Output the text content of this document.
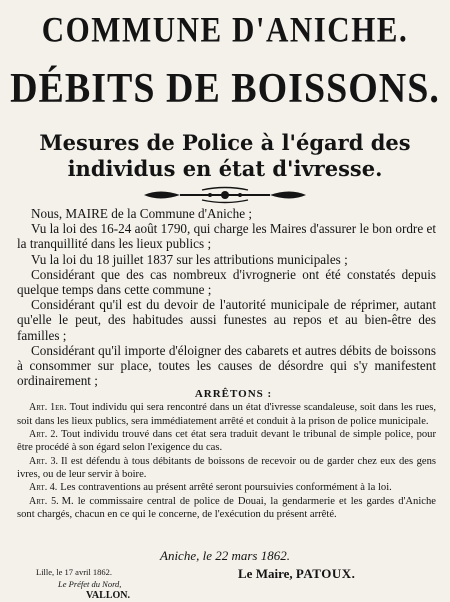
COMMUNE D'ANICHE.
DÉBITS DE BOISSONS.
Mesures de Police à l'égard des individus en état d'ivresse.

Nous, MAIRE de la Commune d'Aniche ;

Vu la loi des 16-24 août 1790, qui charge les Maires d'assurer le bon ordre et la tranquillité dans les lieux publics ;

Vu la loi du 18 juillet 1837 sur les attributions municipales ;

Considérant que des cas nombreux d'ivrognerie ont été constatés depuis quelque temps dans cette commune ;

Considérant qu'il est du devoir de l'autorité municipale de réprimer, autant qu'elle le peut, des habitudes aussi funestes au repos et au bien-être des familles ;

Considérant qu'il importe d'éloigner des cabarets et autres débits de boissons à consommer sur place, toutes les causes de désordre qui s'y manifestent ordinairement ;

ARRÊTONS :

Art. 1er. Tout individu qui sera rencontré dans un état d'ivresse scandaleuse, soit dans les rues, soit dans les lieux publics, sera immédiatement arrêté et conduit à la prison de police municipale.

Art. 2. Tout individu trouvé dans cet état sera traduit devant le tribunal de simple police, pour être procédé à son égard selon l'exigence du cas.

Art. 3. Il est défendu à tous débitants de boissons de recevoir ou de garder chez eux des gens ivres, ou de leur servir à boire.

Art. 4. Les contraventions au présent arrêté seront poursuivies conformément à la loi.

Art. 5. M. le commissaire central de police de Douai, la gendarmerie et les gardes d'Aniche sont chargés, chacun en ce qui le concerne, de l'exécution du présent arrêté.

Aniche, le 22 mars 1862.
Lille, le 17 avril 1862.
Le Préfet du Nord,
VALLON.
Le Maire, PATOUX.
